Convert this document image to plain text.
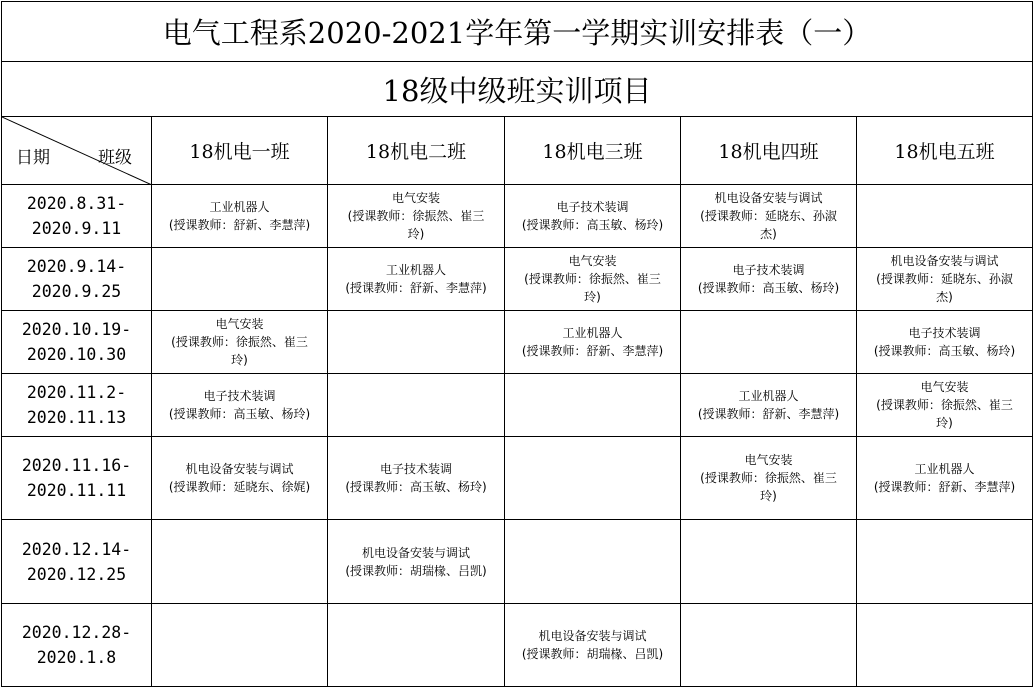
电气工程系2020-2021学年第一学期实训安排表（一）					
18级中级班实训项目					

日期 班级	18机电一班	18机电二班	18机电三班	18机电四班	18机电五班

2020.8.31-
2020.9.11	工业机器人
(授课教师：舒新、李慧萍)	电气安装
(授课教师：徐振然、崔三
玲)	电子技术装调
(授课教师：高玉敏、杨玲)	机电设备安装与调试
(授课教师：延晓东、孙淑
杰)	

2020.9.14-
2020.9.25		工业机器人
(授课教师：舒新、李慧萍)	电气安装
(授课教师：徐振然、崔三
玲)	电子技术装调
(授课教师：高玉敏、杨玲)	机电设备安装与调试
(授课教师：延晓东、孙淑
杰)

2020.10.19-
2020.10.30	电气安装
(授课教师：徐振然、崔三
玲)		工业机器人
(授课教师：舒新、李慧萍)		电子技术装调
(授课教师：高玉敏、杨玲)

2020.11.2-
2020.11.13	电子技术装调
(授课教师：高玉敏、杨玲)			工业机器人
(授课教师：舒新、李慧萍)	电气安装
(授课教师：徐振然、崔三
玲)

2020.11.16-
2020.11.11	机电设备安装与调试
(授课教师：延晓东、徐娓)	电子技术装调
(授课教师：高玉敏、杨玲)		电气安装
(授课教师：徐振然、崔三
玲)	工业机器人
(授课教师：舒新、李慧萍)

2020.12.14-
2020.12.25		机电设备安装与调试
(授课教师：胡瑞椽、吕凯)			

2020.12.28-
2020.1.8			机电设备安装与调试
(授课教师：胡瑞椽、吕凯)		
